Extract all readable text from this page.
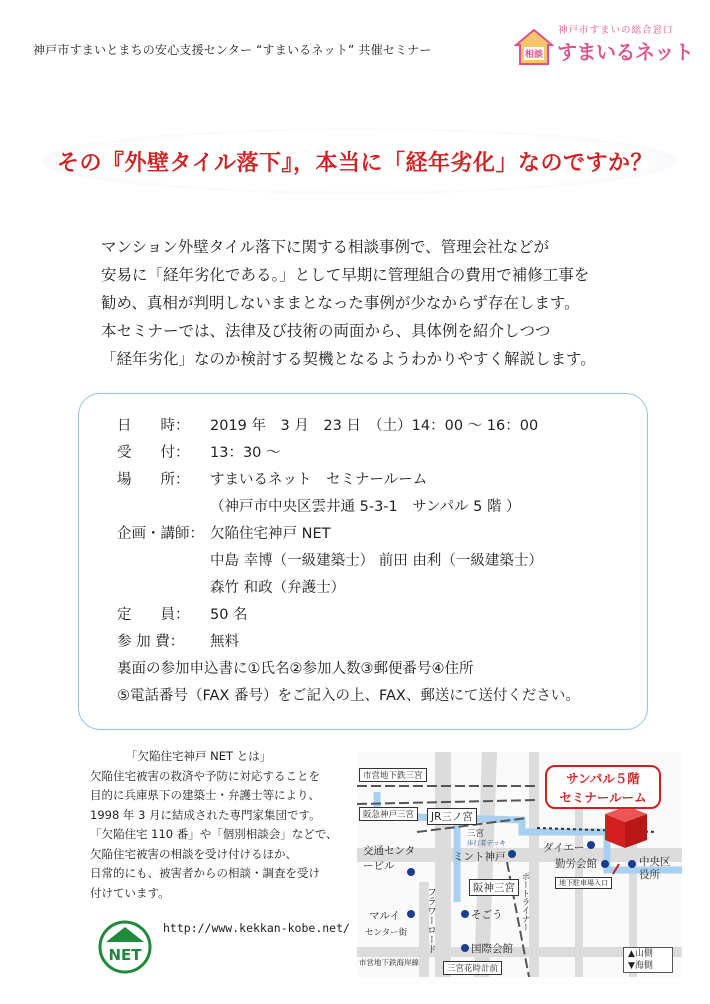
神戸市すまいとまちの安心支援センター “すまいるネット” 共催セミナー
神戸市すまいの総合窓口
相談 すまいるネット
その『外壁タイル落下』，本当に「経年劣化」なのですか？

マンション外壁タイル落下に関する相談事例で、管理会社などが

安易に「経年劣化である。」として早期に管理組合の費用で補修工事を

勧め、真相が判明しないままとなった事例が少なからず存在します。

本セミナーでは、法律及び技術の両面から、具体例を紹介しつつ

「経年劣化」なのか検討する契機となるようわかりやすく解説します。

日　　時： 2019 年　3 月　23 日　（土）14：00 ～ 16：00
受　　付： 13：30 ～
場　　所： すまいるネット　セミナールーム
（神戸市中央区雲井通 5-3-1　サンパル 5 階 ）
企画・講師： 欠陥住宅神戸 NET
中島 幸博（一級建築士） 前田 由利（一級建築士）
森竹 和政（弁護士）
定　　員： 50 名
参 加 費： 無料
裏面の参加申込書に①氏名②参加人数③郵便番号④住所
⑤電話番号（FAX 番号）をご記入の上、FAX、郵送にて送付ください。

「欠陥住宅神戸 NET とは」

欠陥住宅被害の救済や予防に対応することを

目的に兵庫県下の建築士・弁護士等により、

1998 年 3 月に結成された専門家集団です。

「欠陥住宅 110 番」や「個別相談会」などで、

欠陥住宅被害の相談を受け付けるほか、

日常的にも、被害者からの相談・調査を受け

付けています。

NET
http://www.kekkan-kobe.net/
市営地下鉄三宮
阪急神戸三宮	JR三ノ宮
三宮
歩行者デッキ	ダイエー
勤労会館	中央区役所
交通センタービル
ミント神戸
阪神三宮	地下駐車場入口
フラワーロード	ポートライナー
マルイ
センター街
そごう
国際会館
市営地下鉄海岸線
三宮花時計前
サンパル５階
セミナールーム
▲山側
▼海側
